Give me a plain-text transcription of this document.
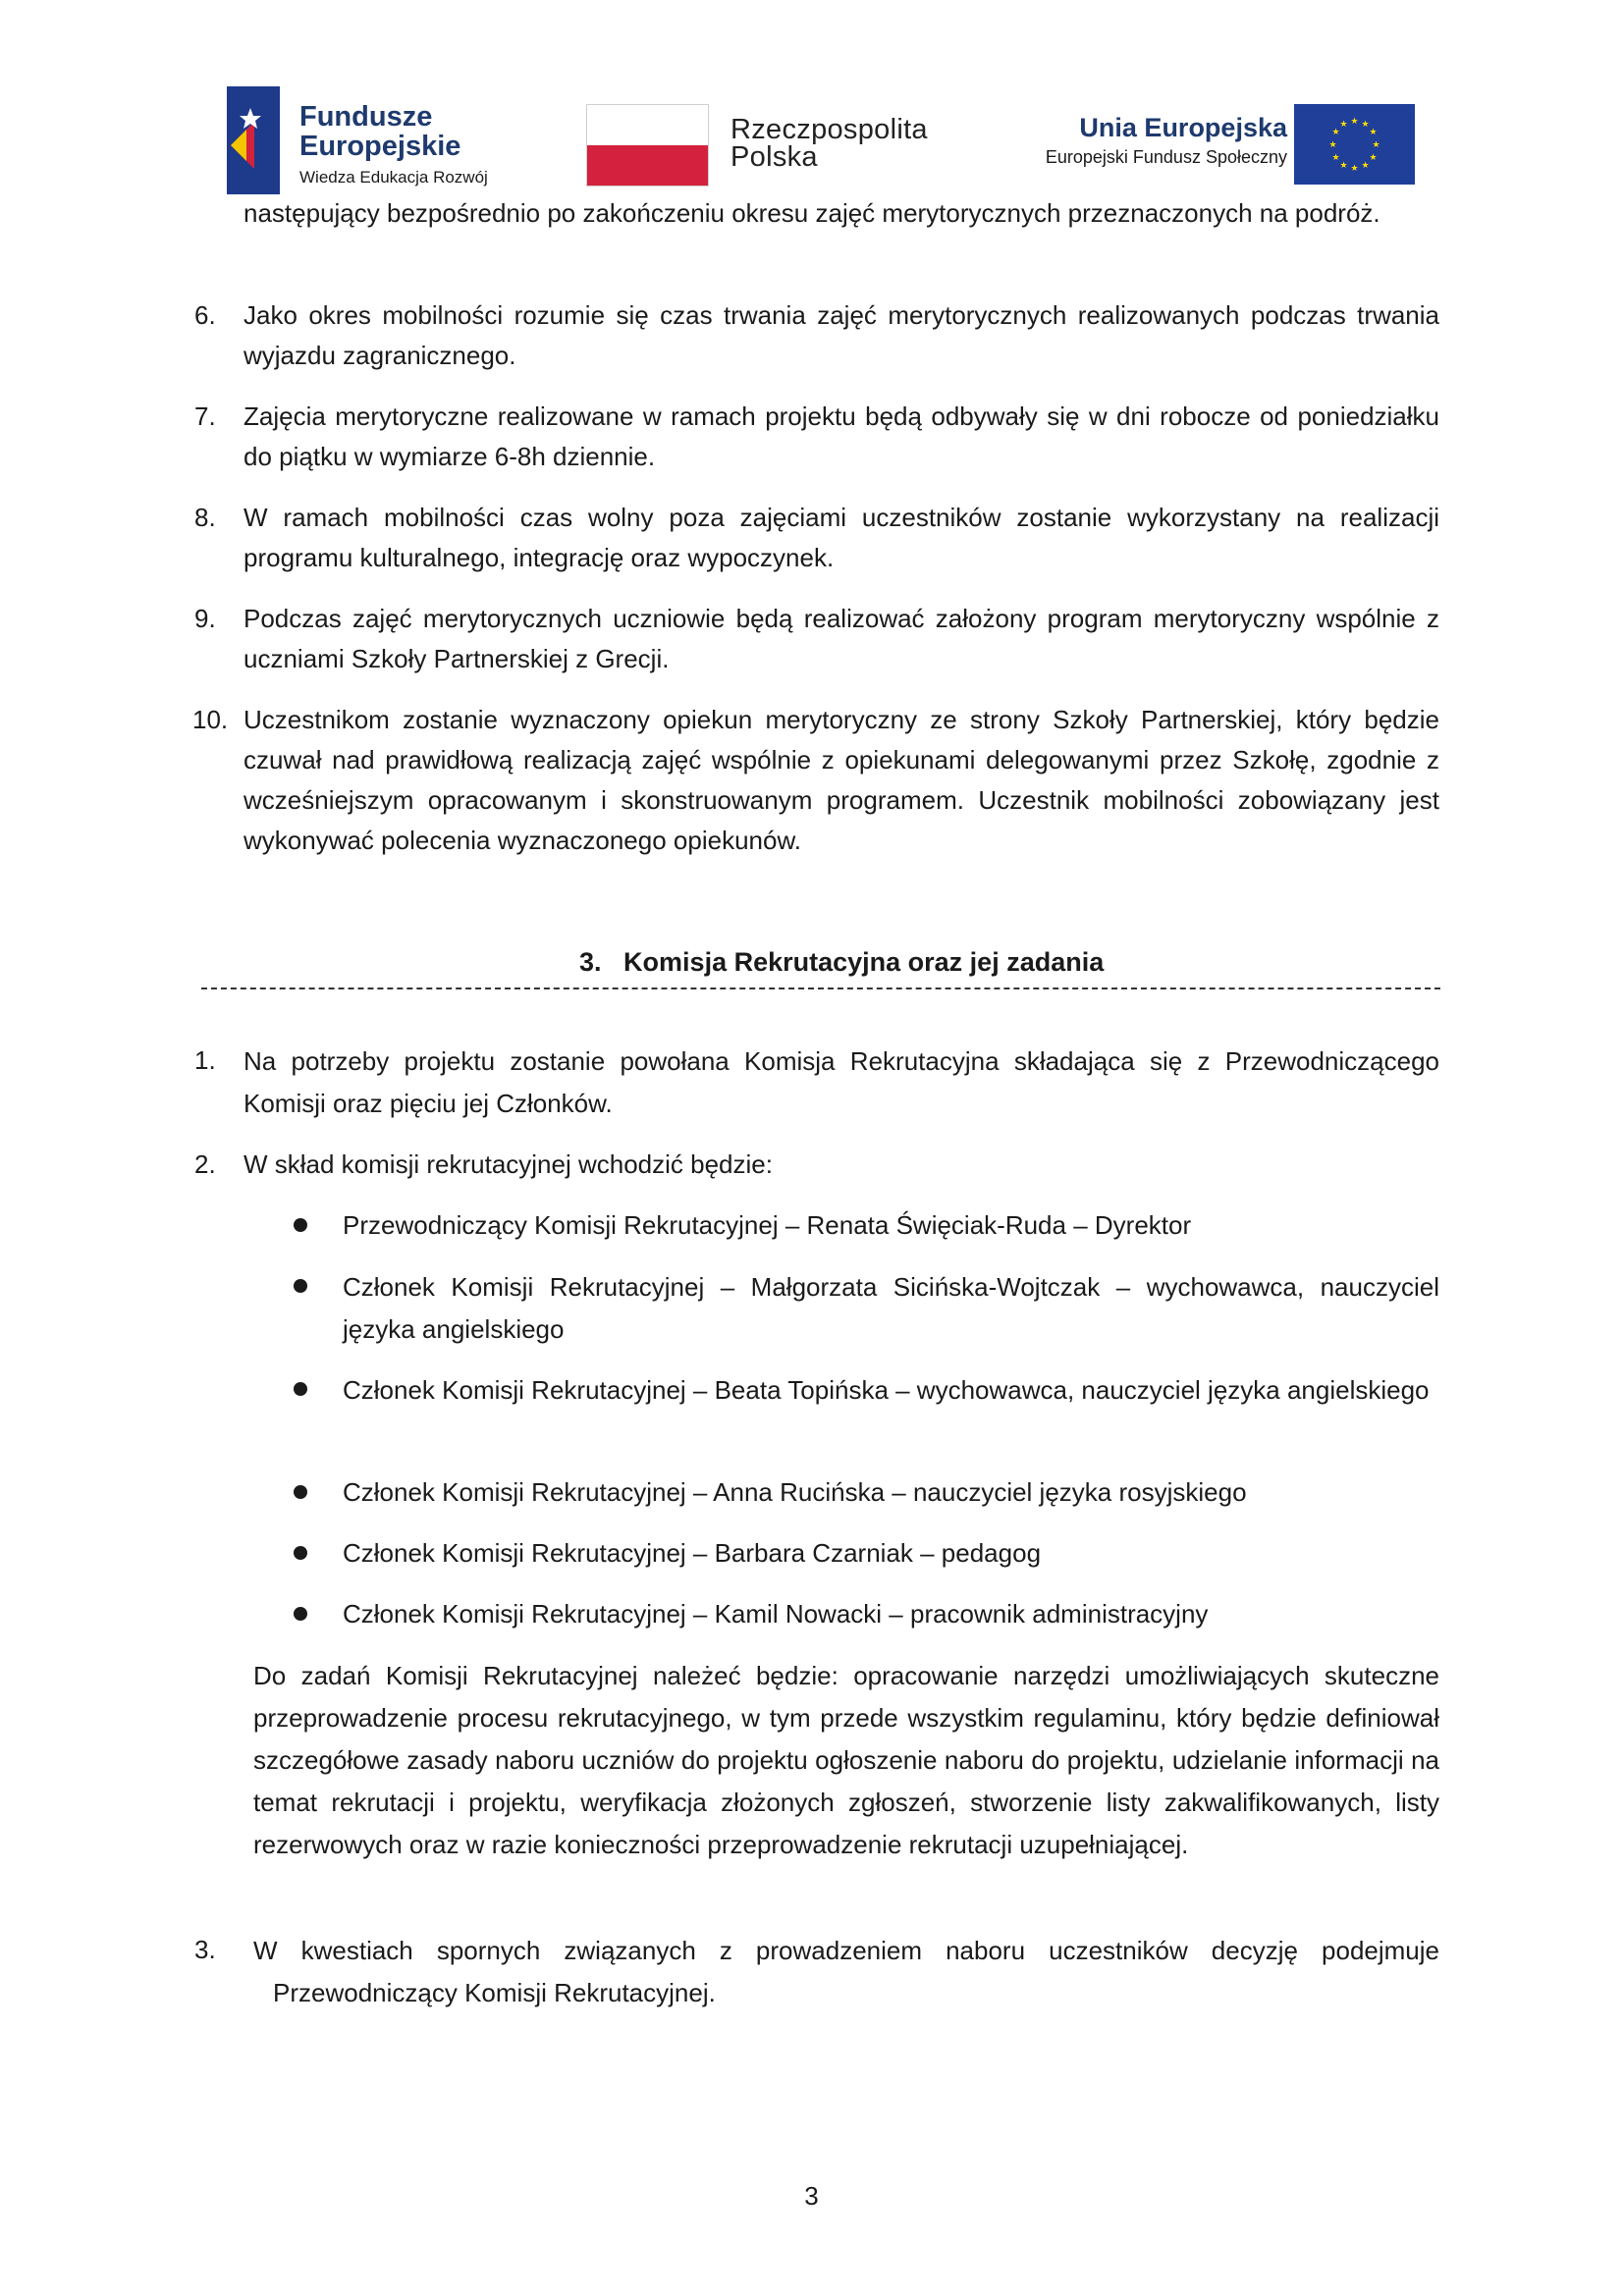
Fundusze
Europejskie
Wiedza Edukacja Rozwój
Rzeczpospolita
Polska
Unia Europejska
Europejski Fundusz Społeczny
★ ★
★
★
★
★
★
★
★
★
★
★
następujący bezpośrednio po zakończeniu okresu zajęć merytorycznych przeznaczonych na podróż.
6. Jako okres mobilności rozumie się czas trwania zajęć merytorycznych realizowanych podczas trwania wyjazdu zagranicznego.
7. Zajęcia merytoryczne realizowane w ramach projektu będą odbywały się w dni robocze od poniedziałku do piątku w wymiarze 6-8h dziennie.
8. W ramach mobilności czas wolny poza zajęciami uczestników zostanie wykorzystany na realizacji programu kulturalnego, integrację oraz wypoczynek.
9. Podczas zajęć merytorycznych uczniowie będą realizować założony program merytoryczny wspólnie z uczniami Szkoły Partnerskiej z Grecji.
10. Uczestnikom zostanie wyznaczony opiekun merytoryczny ze strony Szkoły Partnerskiej, który będzie czuwał nad prawidłową realizacją zajęć wspólnie z opiekunami delegowanymi przez Szkołę, zgodnie z wcześniejszym opracowanym i skonstruowanym programem. Uczestnik mobilności zobowiązany jest wykonywać polecenia wyznaczonego opiekunów.
3. Komisja Rekrutacyjna oraz jej zadania
1. Na potrzeby projektu zostanie powołana Komisja Rekrutacyjna składająca się z Przewodniczącego Komisji oraz pięciu jej Członków.
2. W skład komisji rekrutacyjnej wchodzić będzie:
Przewodniczący Komisji Rekrutacyjnej – Renata Święciak-Ruda – Dyrektor
Członek Komisji Rekrutacyjnej – Małgorzata Sicińska-Wojtczak – wychowawca, nauczyciel języka angielskiego
Członek Komisji Rekrutacyjnej – Beata Topińska – wychowawca, nauczyciel języka angielskiego
Członek Komisji Rekrutacyjnej – Anna Rucińska – nauczyciel języka rosyjskiego
Członek Komisji Rekrutacyjnej – Barbara Czarniak – pedagog
Członek Komisji Rekrutacyjnej – Kamil Nowacki – pracownik administracyjny
Do zadań Komisji Rekrutacyjnej należeć będzie: opracowanie narzędzi umożliwiających skuteczne przeprowadzenie procesu rekrutacyjnego, w tym przede wszystkim regulaminu, który będzie definiował szczegółowe zasady naboru uczniów do projektu ogłoszenie naboru do projektu, udzielanie informacji na temat rekrutacji i projektu, weryfikacja złożonych zgłoszeń, stworzenie listy zakwalifikowanych, listy rezerwowych oraz w razie konieczności przeprowadzenie rekrutacji uzupełniającej.
3. W kwestiach spornych związanych z prowadzeniem naboru uczestników decyzję podejmuje Przewodniczący Komisji Rekrutacyjnej.
3
